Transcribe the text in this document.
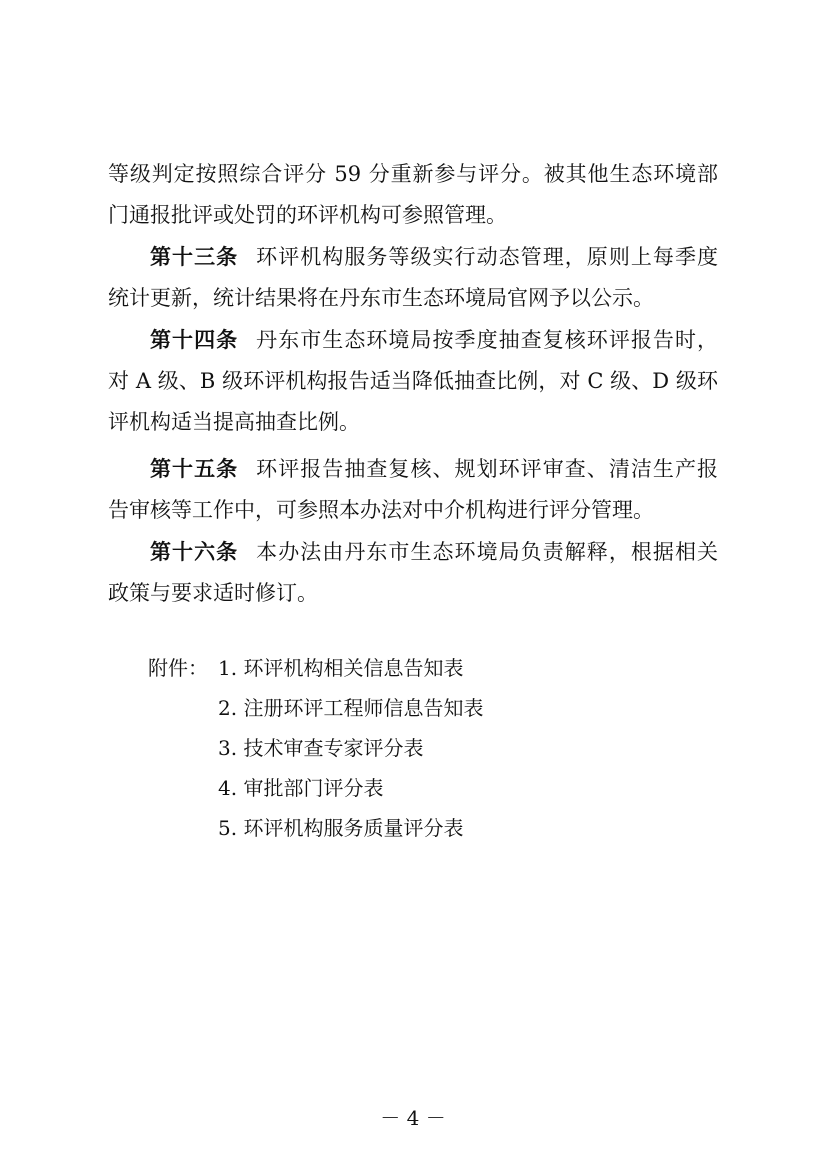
等级判定按照综合评分 59 分重新参与评分。被其他生态环境部
门通报批评或处罚的环评机构可参照管理。
第十三条 环评机构服务等级实行动态管理，原则上每季度
统计更新，统计结果将在丹东市生态环境局官网予以公示。
第十四条 丹东市生态环境局按季度抽查复核环评报告时，
对 A 级、B 级环评机构报告适当降低抽查比例，对 C 级、D 级环
评机构适当提高抽查比例。
第十五条 环评报告抽查复核、规划环评审查、清洁生产报
告审核等工作中，可参照本办法对中介机构进行评分管理。
第十六条 本办法由丹东市生态环境局负责解释，根据相关
政策与要求适时修订。
附件： 1. 环评机构相关信息告知表
2. 注册环评工程师信息告知表
3. 技术审查专家评分表
4. 审批部门评分表
5. 环评机构服务质量评分表
－ 4 －
